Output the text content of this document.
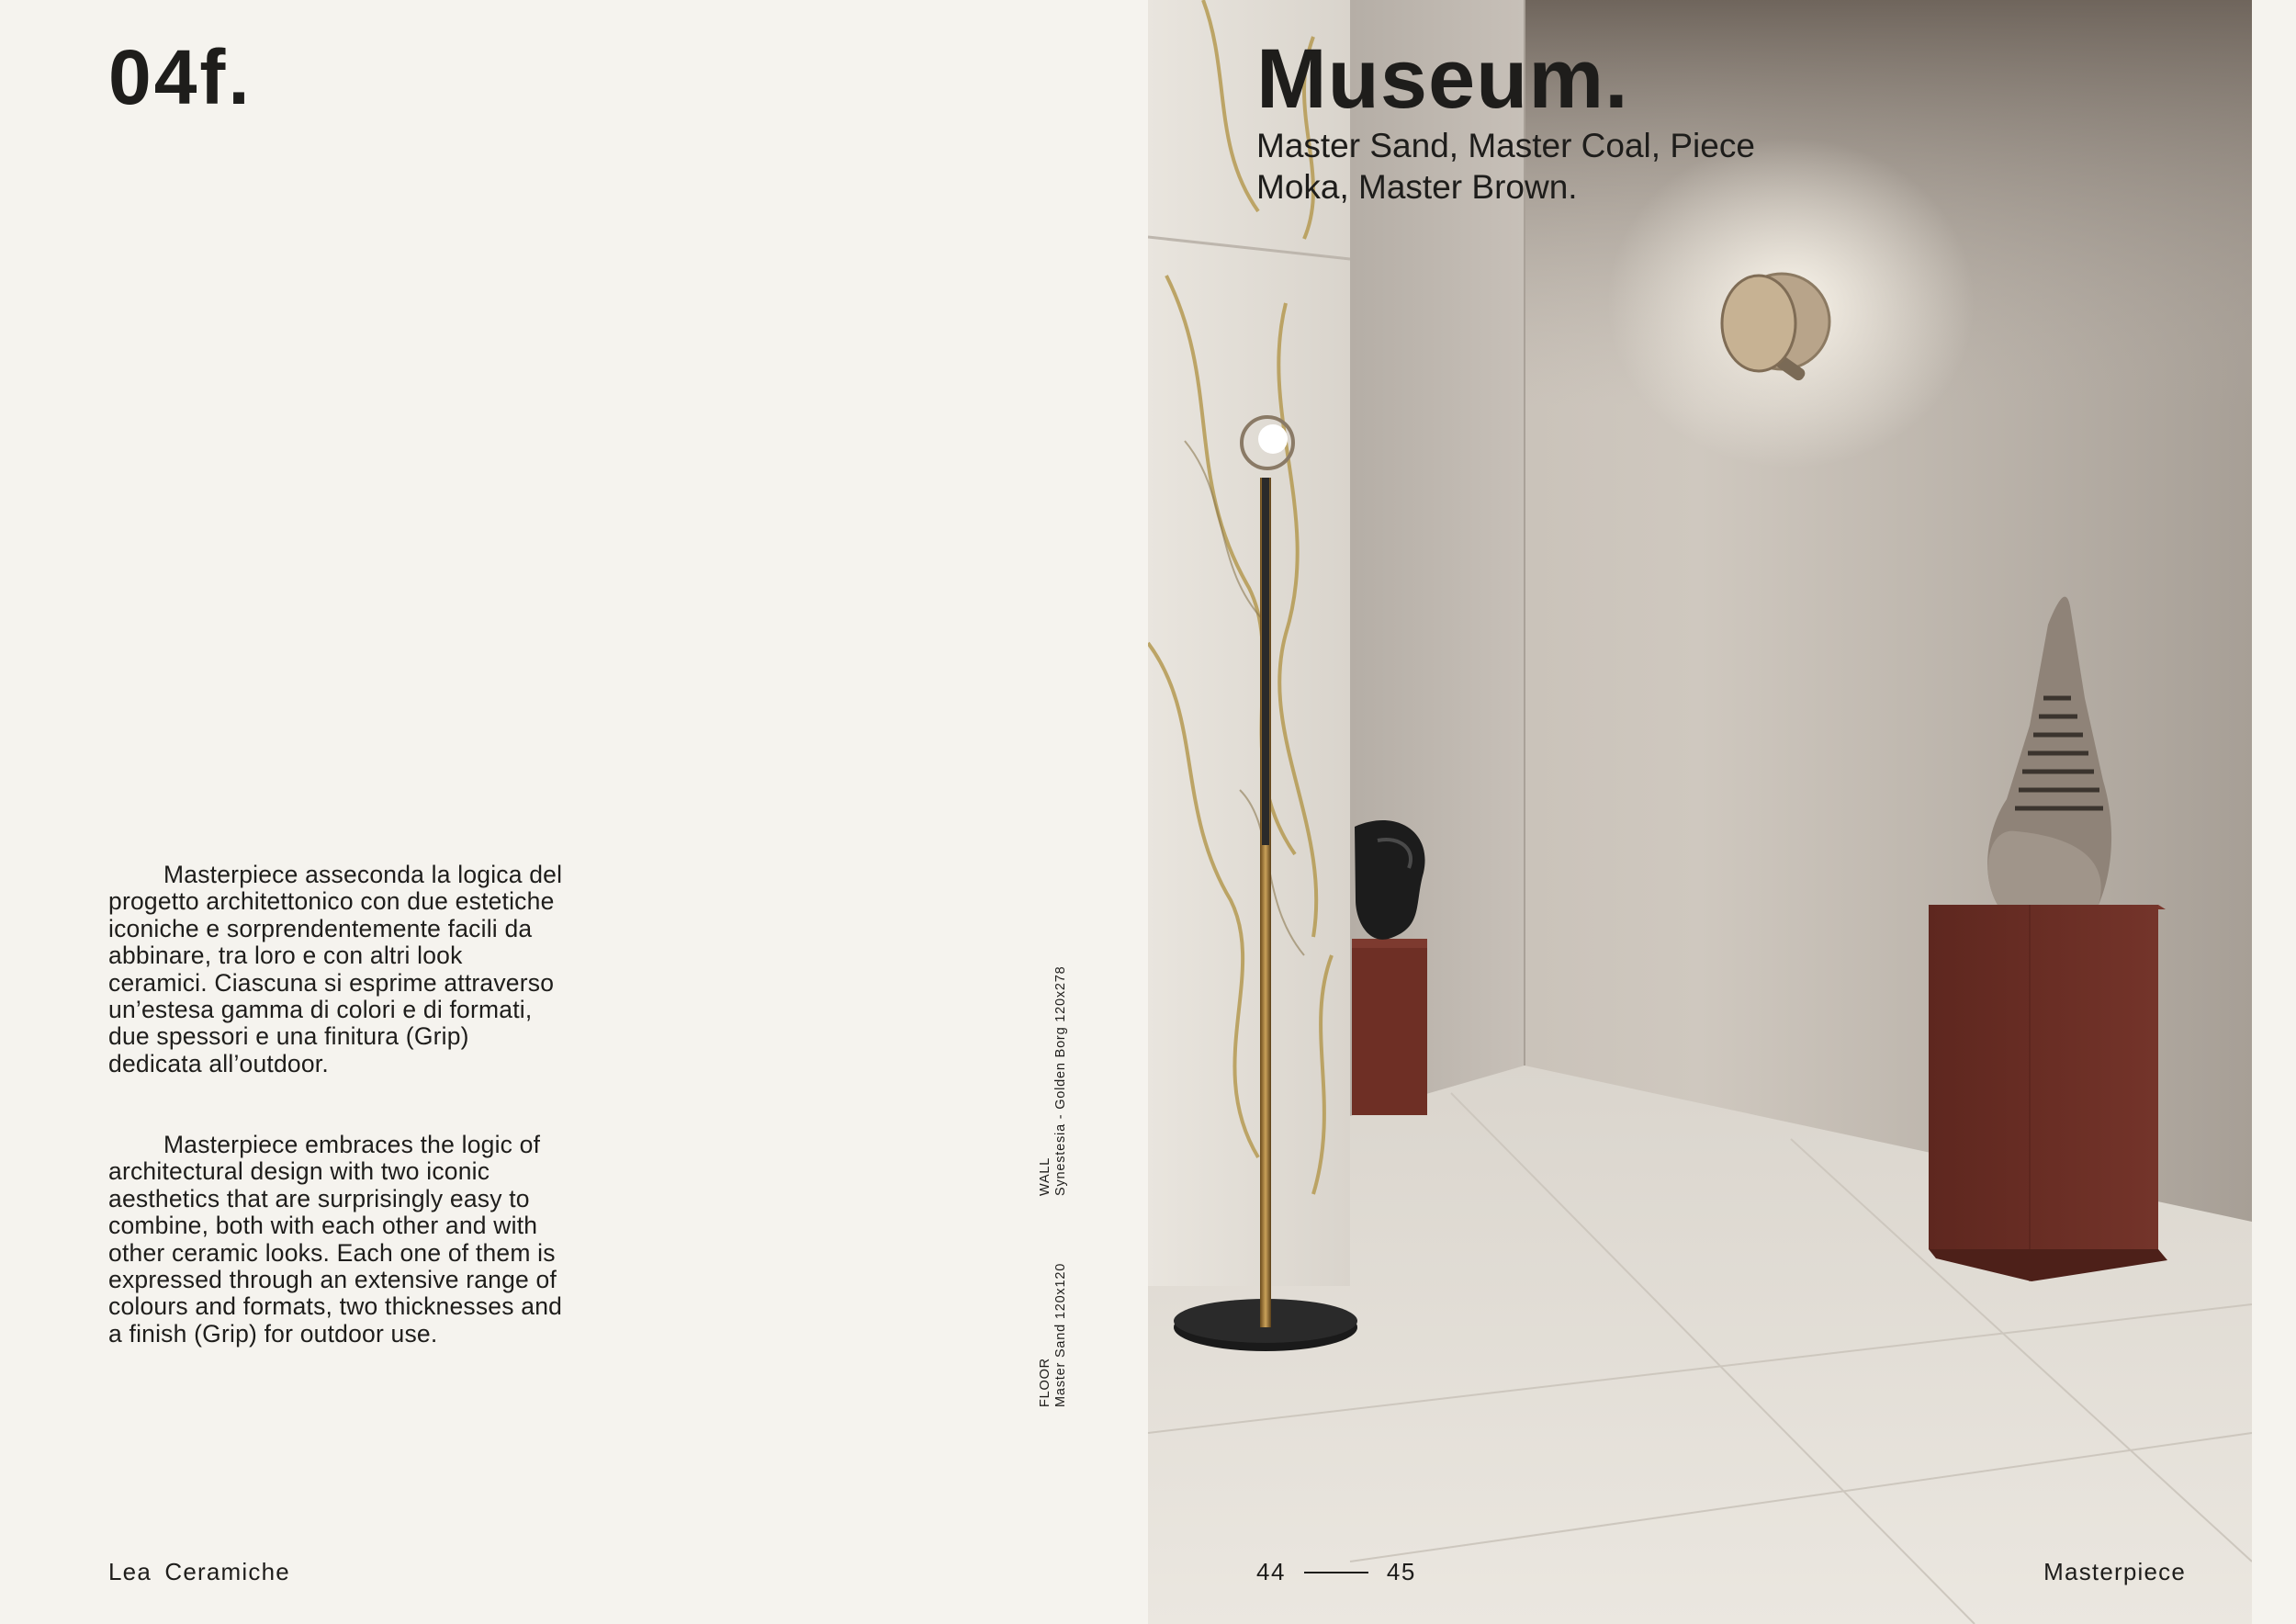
04f.

Masterpiece asseconda la logica del progetto architettonico con due estetiche iconiche e sorprendentemente facili da abbinare, tra loro e con altri look ceramici. Ciascuna si esprime attraverso un’estesa gamma di colori e di formati, due spessori e una finitura (Grip) dedicata all’outdoor.

Masterpiece embraces the logic of architectural design with two iconic aesthetics that are surprisingly easy to combine, both with each other and with other ceramic looks. Each one of them is expressed through an extensive range of colours and formats, two thicknesses and a finish (Grip) for outdoor use.

WALL Synestesia - Golden Borg 120x278
FLOOR Master Sand 120x120
Lea Ceramiche
Museum.

Master Sand, Master Coal, Piece Moka, Master Brown.

44	45	Masterpiece
